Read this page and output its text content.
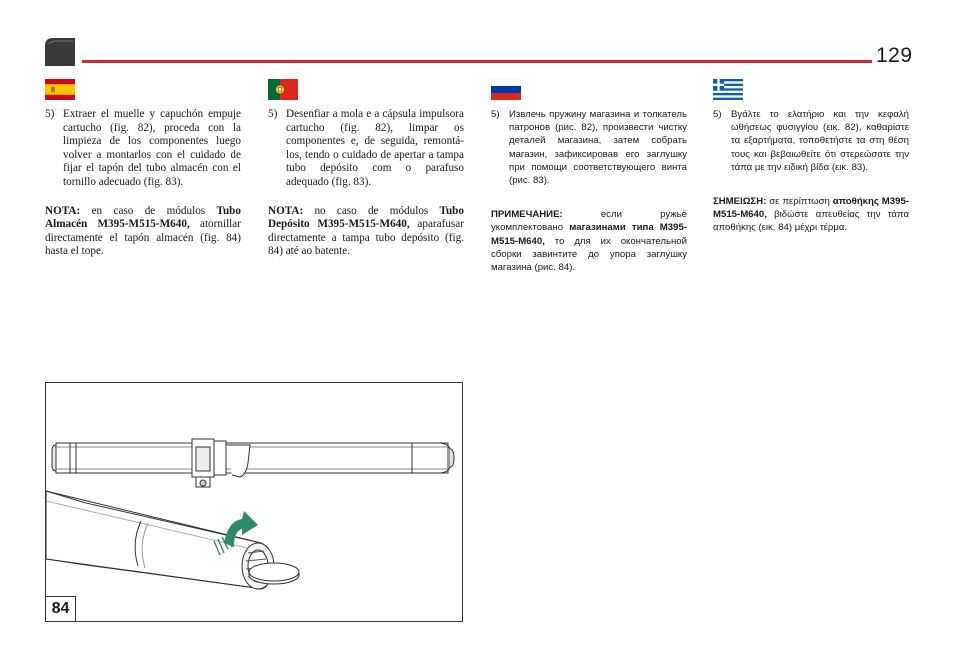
129
5) Extraer el muelle y capuchón empuje cartucho (fig. 82), proceda con la limpieza de los componentes luego volver a montarlos con el cuidado de fijar el tapón del tubo almacén con el tornillo adecuado (fig. 83).
NOTA: en caso de módulos Tubo Almacén M395-M515-M640, atornillar directamente el tapón almacén (fig. 84) hasta el tope.
5) Desenfiar a mola e a cápsula impulsora cartucho (fig. 82), limpar os componentes e, de seguida, remontá-los, tendo o cuidado de apertar a tampa tubo depósito com o parafuso adequado (fig. 83).
NOTA: no caso de módulos Tubo Depósito M395-M515-M640, aparafusar directamente a tampa tubo depósito (fig. 84) até ao batente.
5) Извлечь пружину магазина и толкатель патронов (рис. 82), произвести чистку деталей магазина, затем собрать магазин, зафиксировав его заглушку при помощи соответствующего винта (рис. 83).
ПРИМЕЧАНИЕ: если ружьё укомплектовано магазинами типа M395-M515-M640, то для их окончательной сборки завинтите до упора заглушку магазина (рис. 84).
5) Βγάλτε το ελατήριο και την κεφαλή ωθήσεως φυσιγγίου (εικ. 82), καθαρίστε τα εξαρτήματα, τοποθετήστε τα στη θέση τους και βεβαιωθείτε ότι στερεώσατε την τάπα με την ειδική βίδα (εικ. 83).
ΣΗΜΕΙΩΣΗ: σε περίπτωση αποθήκης M395-M515-M640, βιδώστε απευθείας την τάπα αποθήκης (εικ. 84) μέχρι τέρμα.
84
